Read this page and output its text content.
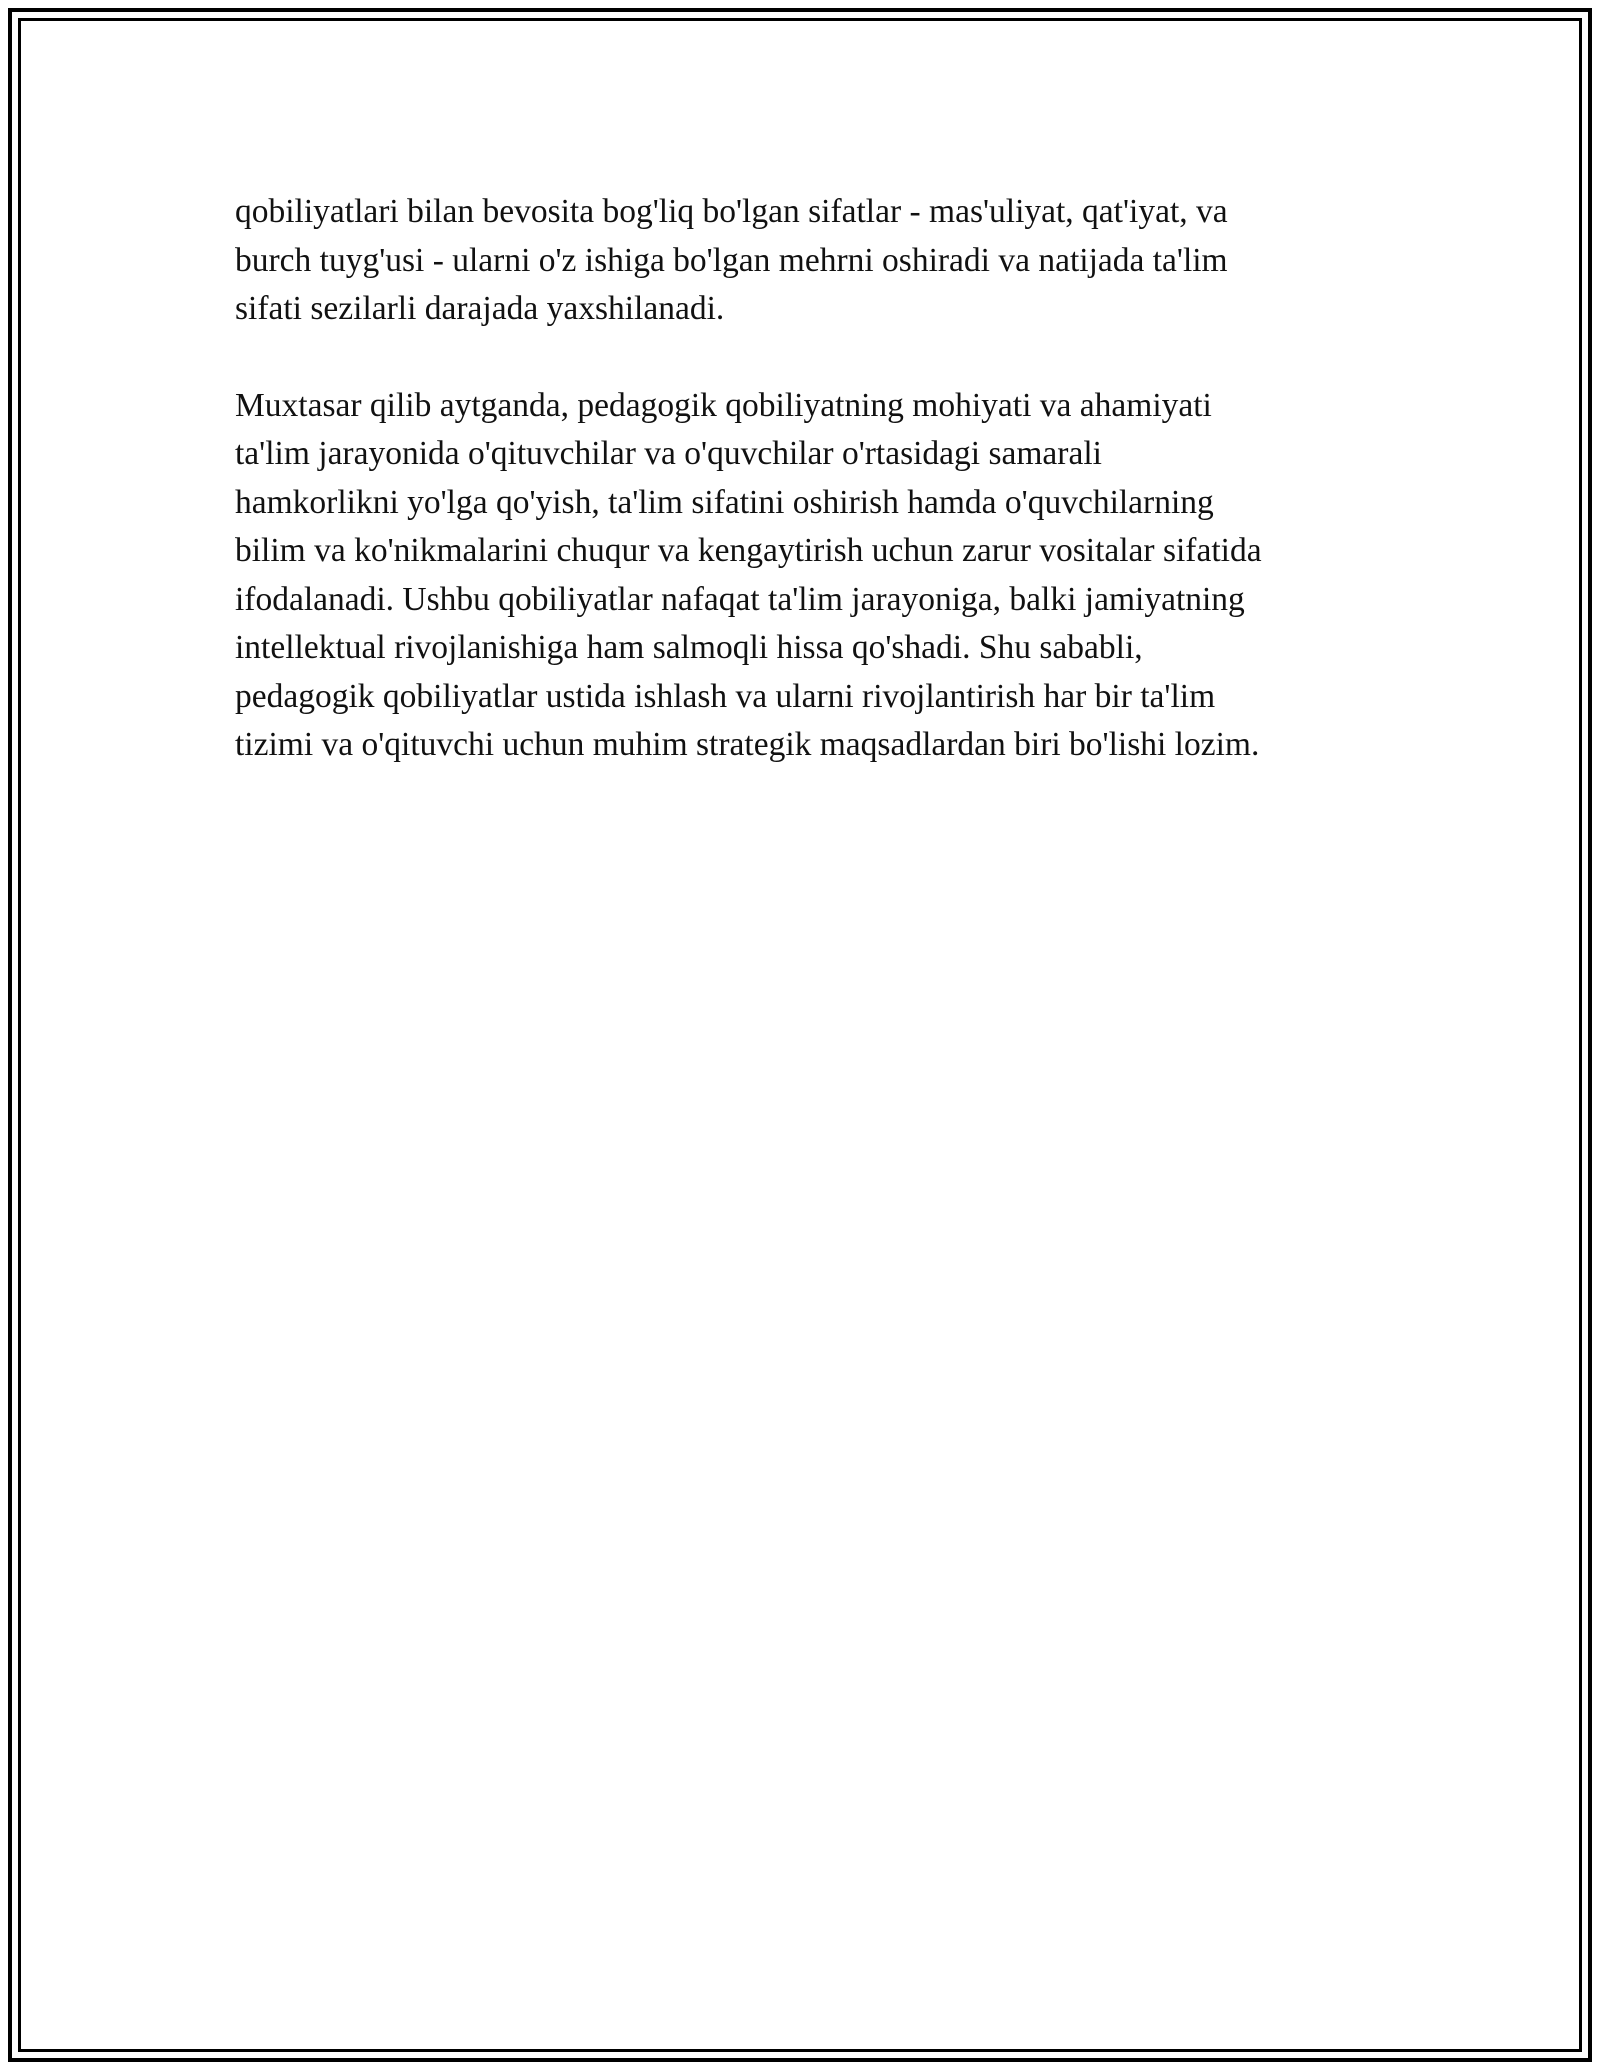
qobiliyatlari bilan bevosita bog'liq bo'lgan sifatlar - mas'uliyat, qat'iyat, va

burch tuyg'usi - ularni o'z ishiga bo'lgan mehrni oshiradi va natijada ta'lim

sifati sezilarli darajada yaxshilanadi.

Muxtasar qilib aytganda, pedagogik qobiliyatning mohiyati va ahamiyati

ta'lim jarayonida o'qituvchilar va o'quvchilar o'rtasidagi samarali

hamkorlikni yo'lga qo'yish, ta'lim sifatini oshirish hamda o'quvchilarning

bilim va ko'nikmalarini chuqur va kengaytirish uchun zarur vositalar sifatida

ifodalanadi. Ushbu qobiliyatlar nafaqat ta'lim jarayoniga, balki jamiyatning

intellektual rivojlanishiga ham salmoqli hissa qo'shadi. Shu sababli,

pedagogik qobiliyatlar ustida ishlash va ularni rivojlantirish har bir ta'lim

tizimi va o'qituvchi uchun muhim strategik maqsadlardan biri bo'lishi lozim.
